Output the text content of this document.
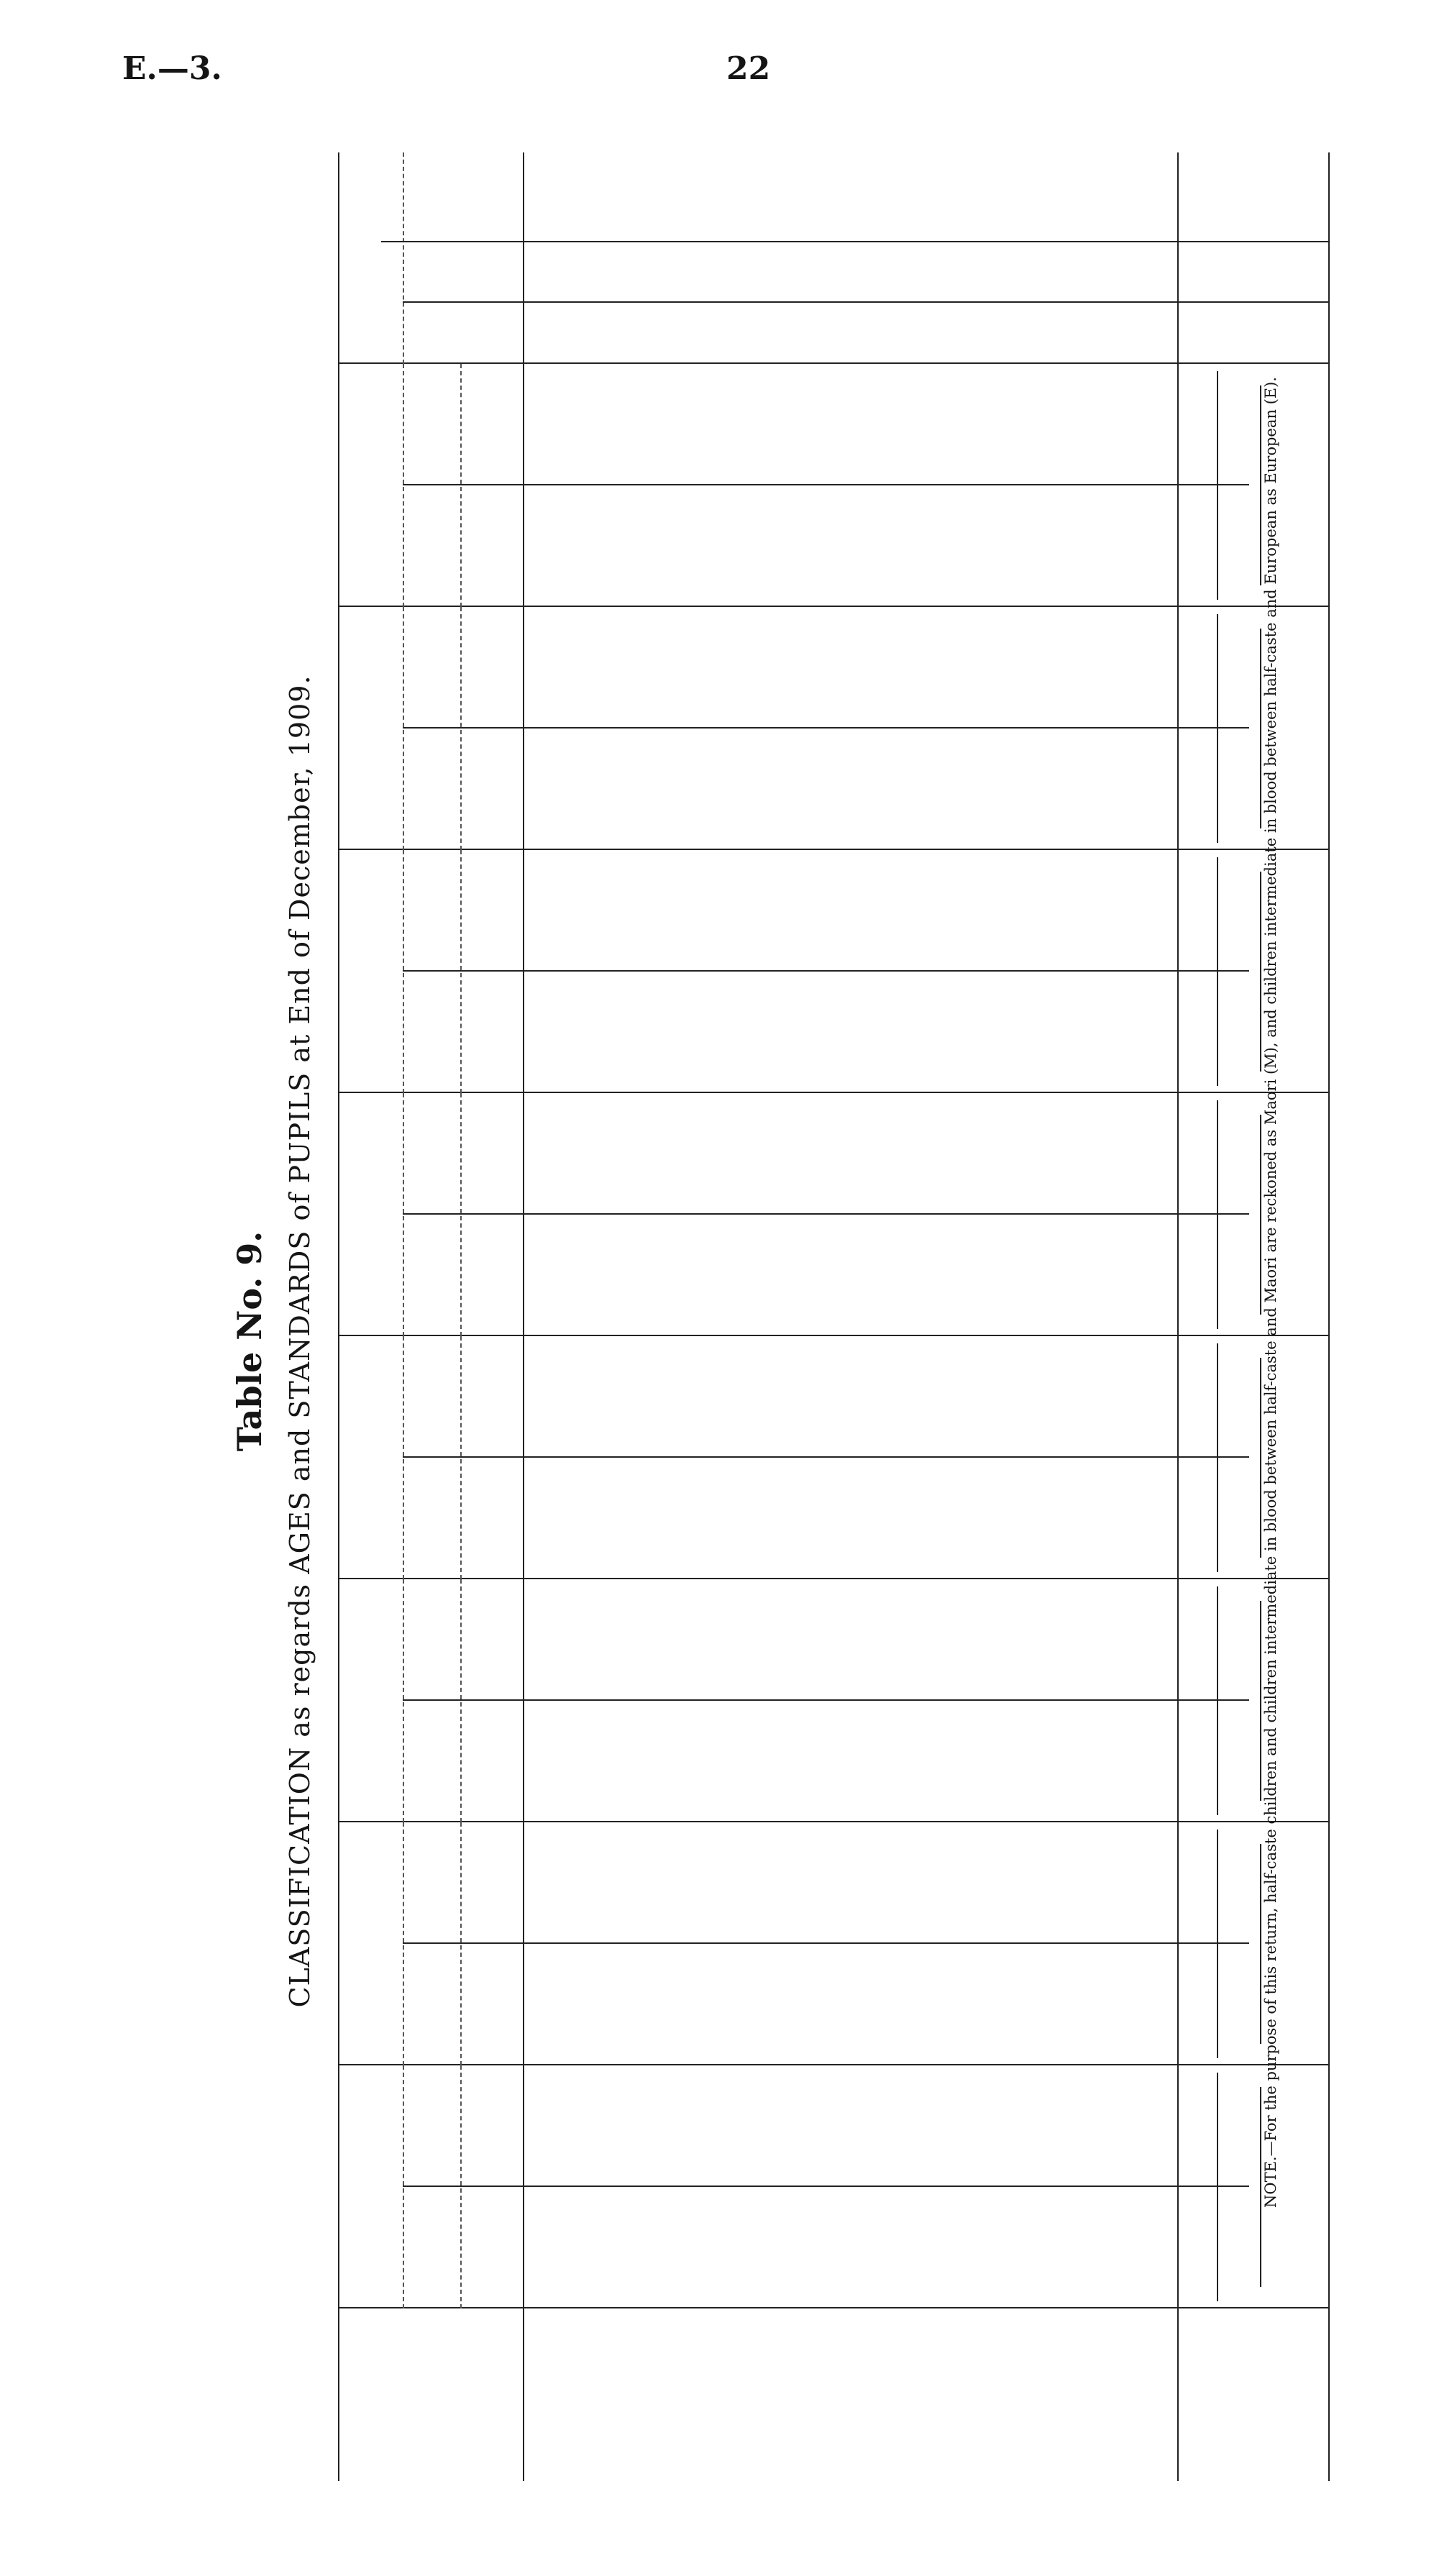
E.—3.	22
Table No. 9. CLASSIFICATION as regards AGES and STANDARDS of PUPILS at End of December, 1909.	NOTE.—For the purpose of this return, half-caste children and children intermediate in blood between half-caste and Maori are reckoned as Maori (M), and children intermediate in blood between half-caste and European as European (E).
